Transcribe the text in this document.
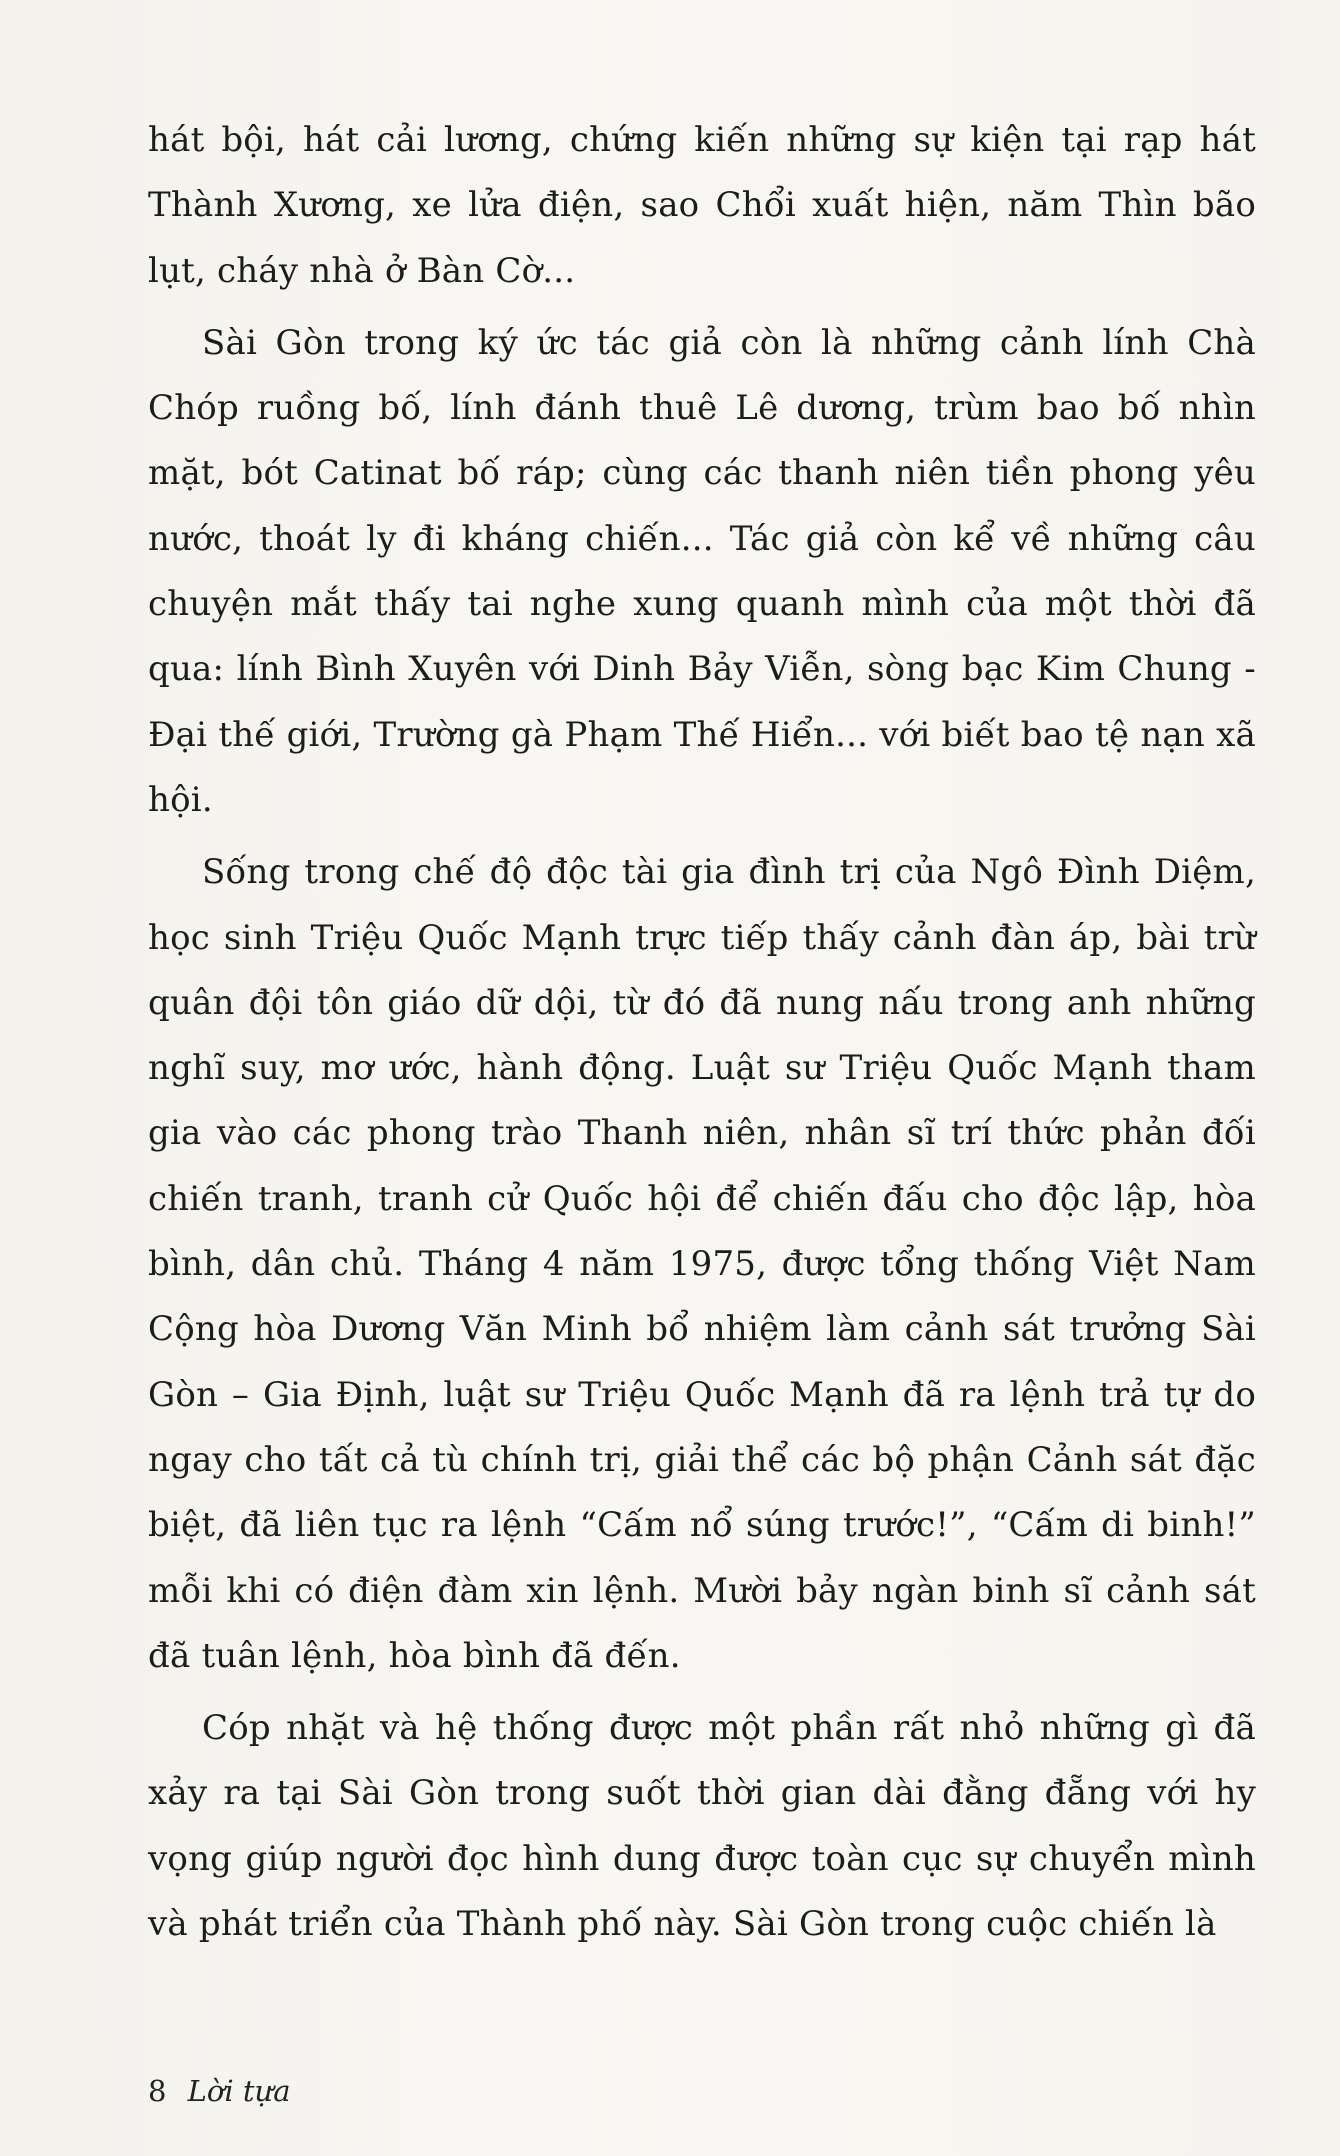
hát bội, hát cải lương, chứng kiến những sự kiện tại rạp hát Thành Xương, xe lửa điện, sao Chổi xuất hiện, năm Thìn bão lụt, cháy nhà ở Bàn Cờ...

Sài Gòn trong ký ức tác giả còn là những cảnh lính Chà Chóp ruồng bố, lính đánh thuê Lê dương, trùm bao bố nhìn mặt, bót Catinat bố ráp; cùng các thanh niên tiền phong yêu nước, thoát ly đi kháng chiến... Tác giả còn kể về những câu chuyện mắt thấy tai nghe xung quanh mình của một thời đã qua: lính Bình Xuyên với Dinh Bảy Viễn, sòng bạc Kim Chung - Đại thế giới, Trường gà Phạm Thế Hiển... với biết bao tệ nạn xã hội.

Sống trong chế độ độc tài gia đình trị của Ngô Đình Diệm, học sinh Triệu Quốc Mạnh trực tiếp thấy cảnh đàn áp, bài trừ quân đội tôn giáo dữ dội, từ đó đã nung nấu trong anh những nghĩ suy, mơ ước, hành động. Luật sư Triệu Quốc Mạnh tham gia vào các phong trào Thanh niên, nhân sĩ trí thức phản đối chiến tranh, tranh cử Quốc hội để chiến đấu cho độc lập, hòa bình, dân chủ. Tháng 4 năm 1975, được tổng thống Việt Nam Cộng hòa Dương Văn Minh bổ nhiệm làm cảnh sát trưởng Sài Gòn – Gia Định, luật sư Triệu Quốc Mạnh đã ra lệnh trả tự do ngay cho tất cả tù chính trị, giải thể các bộ phận Cảnh sát đặc biệt, đã liên tục ra lệnh “Cấm nổ súng trước!”, “Cấm di binh!” mỗi khi có điện đàm xin lệnh. Mười bảy ngàn binh sĩ cảnh sát đã tuân lệnh, hòa bình đã đến.

Cóp nhặt và hệ thống được một phần rất nhỏ những gì đã xảy ra tại Sài Gòn trong suốt thời gian dài đằng đẵng với hy vọng giúp người đọc hình dung được toàn cục sự chuyển mình và phát triển của Thành phố này. Sài Gòn trong cuộc chiến là

8 Lời tựa
